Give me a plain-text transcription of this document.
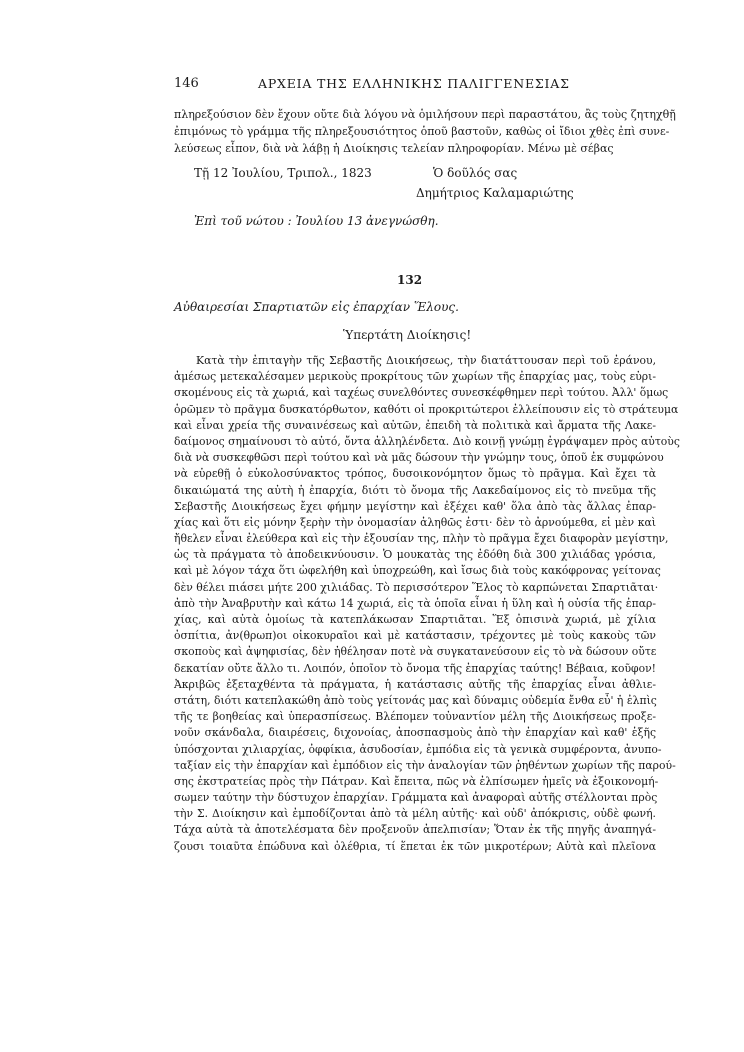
146	ΑΡΧΕΙΑ ΤΗΣ ΕΛΛΗΝΙΚΗΣ ΠΑΛΙΓΓΕΝΕΣΙΑΣ
πληρεξούσιον δὲν ἔχουν οὔτε διὰ λόγου νὰ ὁμιλήσουν περὶ παραστάτου, ἂς τοὺς ζητηχθῇ
ἐπιμόνως τὸ γράμμα τῆς πληρεξουσιότητος ὁποῦ βαστοῦν, καθὼς οἱ ἴδιοι χθὲς ἐπὶ συνε-
λεύσεως εἶπον, διὰ νὰ λάβῃ ἡ Διοίκησις τελείαν πληροφορίαν. Μένω μὲ σέβας
Τῇ 12 Ἰουλίου, Τριπολ., 1823	Ὁ δοῦλός σας
Δημήτριος Καλαμαριώτης
Ἐπὶ τοῦ νώτου : Ἰουλίου 13 ἀνεγνώσθη.
132
Αὐθαιρεσίαι Σπαρτιατῶν εἰς ἐπαρχίαν Ἕλους.
Ὑπερτάτη Διοίκησις!
Κατὰ τὴν ἐπιταγὴν τῆς Σεβαστῆς Διοικήσεως, τὴν διατάττουσαν περὶ τοῦ ἐράνου,
ἀμέσως μετεκαλέσαμεν μερικοὺς προκρίτους τῶν χωρίων τῆς ἐπαρχίας μας, τοὺς εὑρι-
σκομένους εἰς τὰ χωριά, καὶ ταχέως συνελθόντες συνεσκέφθημεν περὶ τούτου. Ἀλλ' ὅμως
ὁρῶμεν τὸ πρᾶγμα δυσκατόρθωτον, καθότι οἱ προκριτώτεροι ἐλλείπουσιν εἰς τὸ στράτευμα
καὶ εἶναι χρεία τῆς συναινέσεως καὶ αὐτῶν, ἐπειδὴ τὰ πολιτικὰ καὶ ἄρματα τῆς Λακε-
δαίμονος σημαίνουσι τὸ αὐτό, ὄντα ἀλληλένδετα. Διὸ κοινῇ γνώμῃ ἐγράψαμεν πρὸς αὐτοὺς
διὰ νὰ συσκεφθῶσι περὶ τούτου καὶ νὰ μᾶς δώσουν τὴν γνώμην τους, ὁποῦ ἐκ συμφώνου
νὰ εὑρεθῇ ὁ εὐκολοσύνακτος τρόπος, δυσοικονόμητον ὅμως τὸ πρᾶγμα. Καὶ ἔχει τὰ
δικαιώματά της αὐτὴ ἡ ἐπαρχία, διότι τὸ ὄνομα τῆς Λακεδαίμονος εἰς τὸ πνεῦμα τῆς
Σεβαστῆς Διοικήσεως ἔχει φήμην μεγίστην καὶ ἐξέχει καθ' ὅλα ἀπὸ τὰς ἄλλας ἐπαρ-
χίας καὶ ὅτι εἰς μόνην ξερὴν τὴν ὀνομασίαν ἀληθῶς ἐστι· δὲν τὸ ἀρνούμεθα, εἰ μὲν καὶ
ἤθελεν εἶναι ἐλεύθερα καὶ εἰς τὴν ἐξουσίαν της, πλὴν τὸ πρᾶγμα ἔχει διαφορὰν μεγίστην,
ὡς τὰ πράγματα τὸ ἀποδεικνύουσιν. Ὁ μουκατὰς της ἐδόθη διὰ 300 χιλιάδας γρόσια,
καὶ μὲ λόγον τάχα ὅτι ὠφελήθη καὶ ὑποχρεώθη, καὶ ἴσως διὰ τοὺς κακόφρονας γείτονας
δὲν θέλει πιάσει μήτε 200 χιλιάδας. Τὸ περισσότερον Ἕλος τὸ καρπώνεται Σπαρτιᾶται·
ἀπὸ τὴν Ἀναβρυτὴν καὶ κάτω 14 χωριά, εἰς τὰ ὁποῖα εἶναι ἡ ὕλη καὶ ἡ οὐσία τῆς ἐπαρ-
χίας, καὶ αὐτὰ ὁμοίως τὰ κατεπλάκωσαν Σπαρτιᾶται. Ἕξ ὀπισινὰ χωριά, μὲ χίλια
ὀσπίτια, ἀν(θρωπ)οι οἰκοκυραῖοι καὶ μὲ κατάστασιν, τρέχοντες μὲ τοὺς κακοὺς τῶν
σκοποὺς καὶ ἀψηφισίας, δὲν ἠθέλησαν ποτὲ νὰ συγκατανεύσουν εἰς τὸ νὰ δώσουν οὔτε
δεκατίαν οὔτε ἄλλο τι. Λοιπόν, ὁποῖον τὸ ὄνομα τῆς ἐπαρχίας ταύτης! Βέβαια, κοῦφον!
Ἀκριβῶς ἐξεταχθέντα τὰ πράγματα, ἡ κατάστασις αὐτῆς τῆς ἐπαρχίας εἶναι ἀθλιε-
στάτη, διότι κατεπλακώθη ἀπὸ τοὺς γείτονάς μας καὶ δύναμις οὐδεμία ἔνθα εὖ' ἡ ἐλπὶς
τῆς τε βοηθείας καὶ ὑπερασπίσεως. Βλέπομεν τοὐναντίον μέλη τῆς Διοικήσεως προξε-
νοῦν σκάνδαλα, διαιρέσεις, διχονοίας, ἀποσπασμοὺς ἀπὸ τὴν ἐπαρχίαν καὶ καθ' ἑξῆς
ὑπόσχονται χιλιαρχίας, ὀφφίκια, ἀσυδοσίαν, ἐμπόδια εἰς τὰ γενικὰ συμφέροντα, ἀνυπο-
ταξίαν εἰς τὴν ἐπαρχίαν καὶ ἐμπόδιον εἰς τὴν ἀναλογίαν τῶν ῥηθέντων χωρίων τῆς παρού-
σης ἐκστρατείας πρὸς τὴν Πάτραν. Καὶ ἔπειτα, πῶς νὰ ἐλπίσωμεν ἡμεῖς νὰ ἐξοικονομή-
σωμεν ταύτην τὴν δύστυχον ἐπαρχίαν. Γράμματα καὶ ἀναφοραὶ αὐτῆς στέλλονται πρὸς
τὴν Σ. Διοίκησιν καὶ ἐμποδίζονται ἀπὸ τὰ μέλη αὐτῆς· καὶ οὐδ' ἀπόκρισις, οὐδὲ φωνή.
Τάχα αὐτὰ τὰ ἀποτελέσματα δὲν προξενοῦν ἀπελπισίαν; Ὅταν ἐκ τῆς πηγῆς ἀναπηγά-
ζουσι τοιαῦτα ἐπώδυνα καὶ ὀλέθρια, τί ἕπεται ἐκ τῶν μικροτέρων; Αὐτὰ καὶ πλεῖονα
